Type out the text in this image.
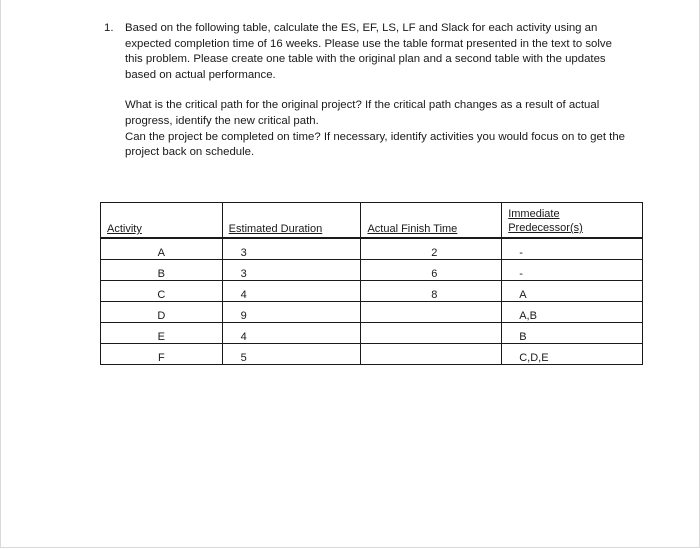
1. Based on the following table, calculate the ES, EF, LS, LF and Slack for each activity using an expected completion time of 16 weeks. Please use the table format presented in the text to solve this problem. Please create one table with the original plan and a second table with the updates based on actual performance.

What is the critical path for the original project? If the critical path changes as a result of actual progress, identify the new critical path.
Can the project be completed on time? If necessary, identify activities you would focus on to get the project back on schedule.

Activity	Estimated Duration	Actual Finish Time	Immediate
Predecessor(s)
A	3	2	-
B	3	6	-
C	4	8	A
D	9		A,B
E	4		B
F	5		C,D,E
